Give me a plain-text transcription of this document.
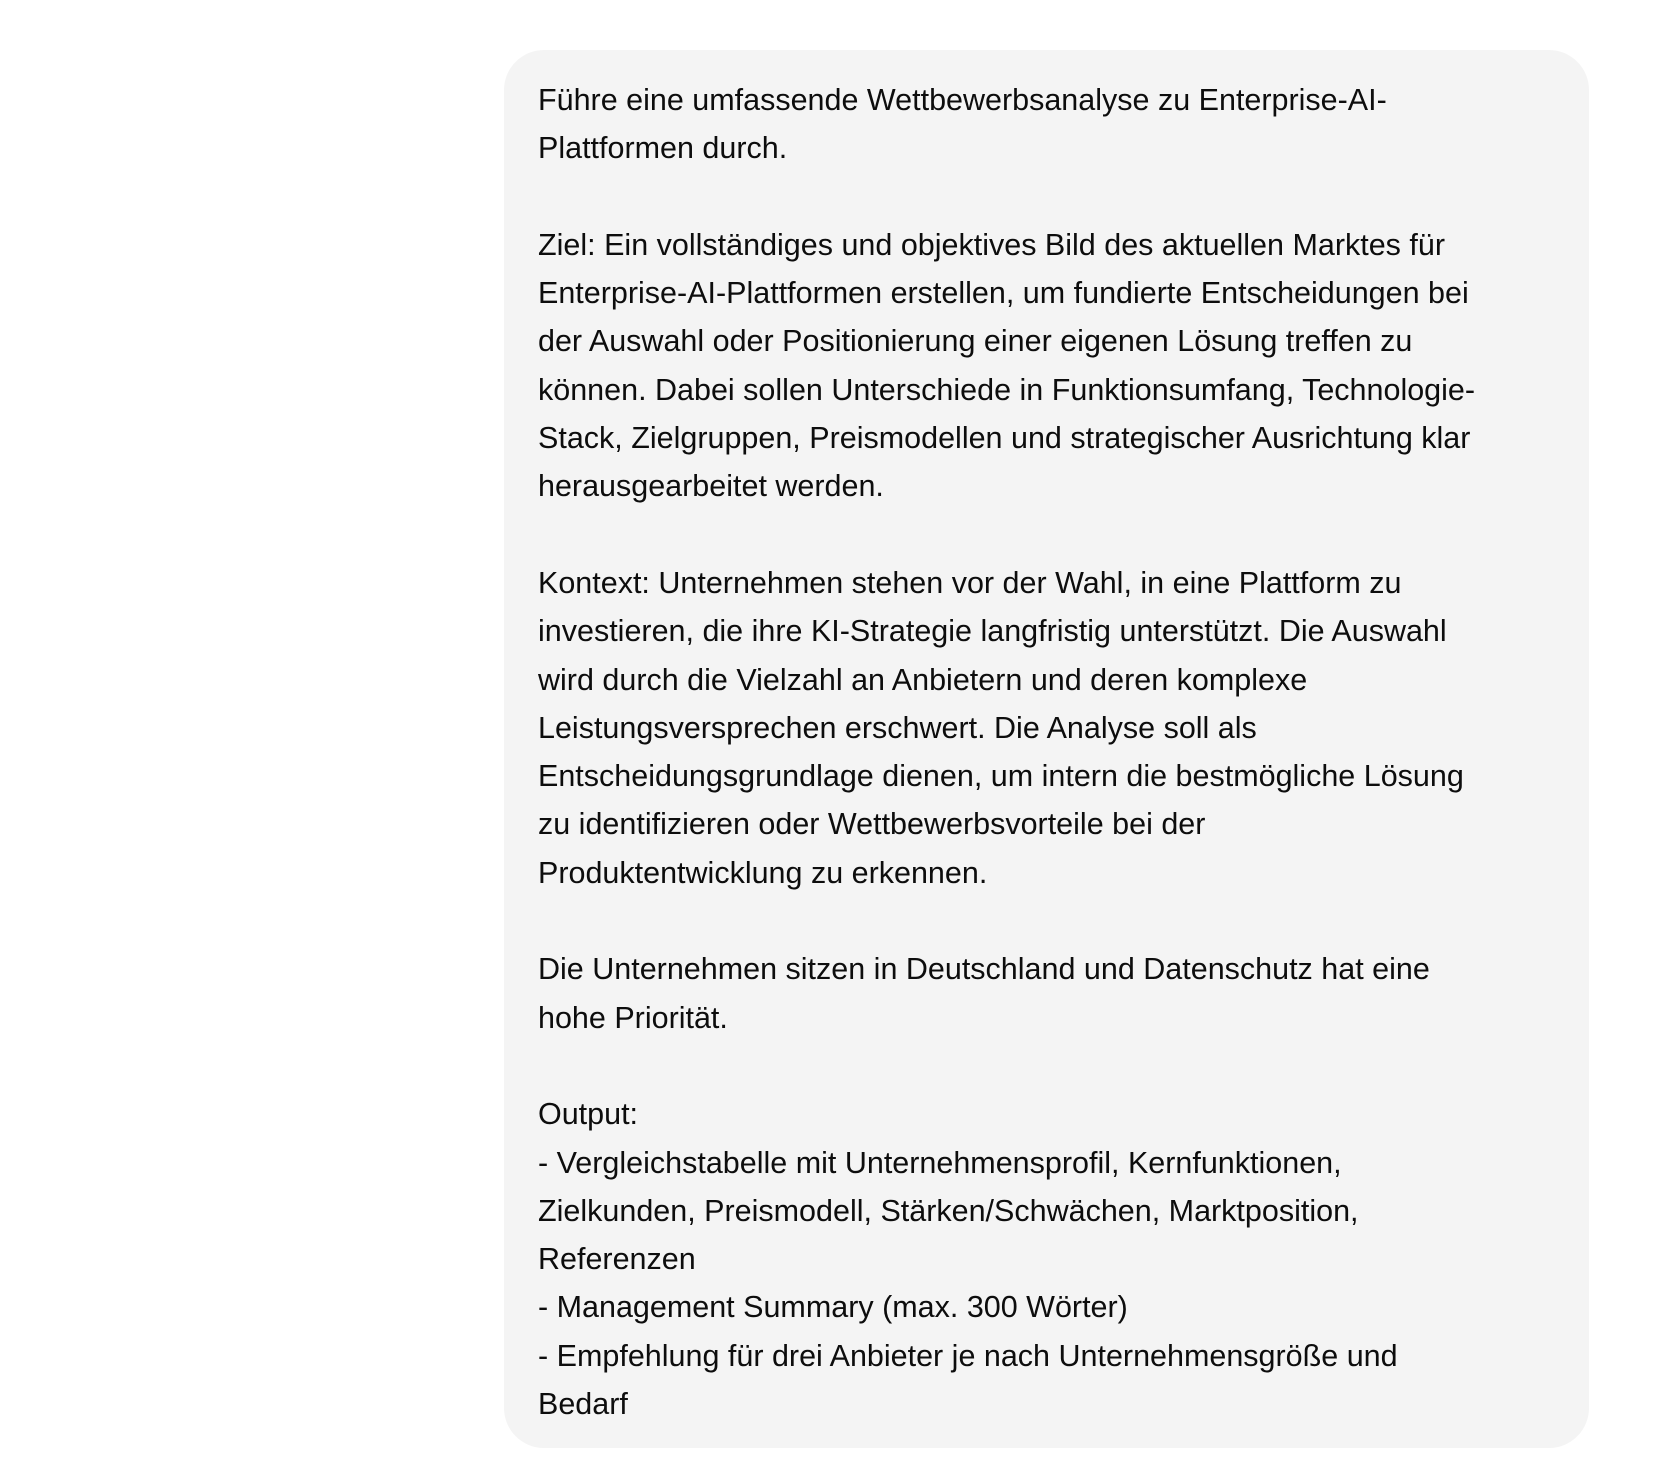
Führe eine umfassende Wettbewerbsanalyse zu Enterprise-AI-
Plattformen durch.

Ziel: Ein vollständiges und objektives Bild des aktuellen Marktes für
Enterprise-AI-Plattformen erstellen, um fundierte Entscheidungen bei
der Auswahl oder Positionierung einer eigenen Lösung treffen zu
können. Dabei sollen Unterschiede in Funktionsumfang, Technologie-
Stack, Zielgruppen, Preismodellen und strategischer Ausrichtung klar
herausgearbeitet werden.

Kontext: Unternehmen stehen vor der Wahl, in eine Plattform zu
investieren, die ihre KI-Strategie langfristig unterstützt. Die Auswahl
wird durch die Vielzahl an Anbietern und deren komplexe
Leistungsversprechen erschwert. Die Analyse soll als
Entscheidungsgrundlage dienen, um intern die bestmögliche Lösung
zu identifizieren oder Wettbewerbsvorteile bei der
Produktentwicklung zu erkennen.

Die Unternehmen sitzen in Deutschland und Datenschutz hat eine
hohe Priorität.

Output:
- Vergleichstabelle mit Unternehmensprofil, Kernfunktionen,
Zielkunden, Preismodell, Stärken/Schwächen, Marktposition,
Referenzen
- Management Summary (max. 300 Wörter)
- Empfehlung für drei Anbieter je nach Unternehmensgröße und
Bedarf
